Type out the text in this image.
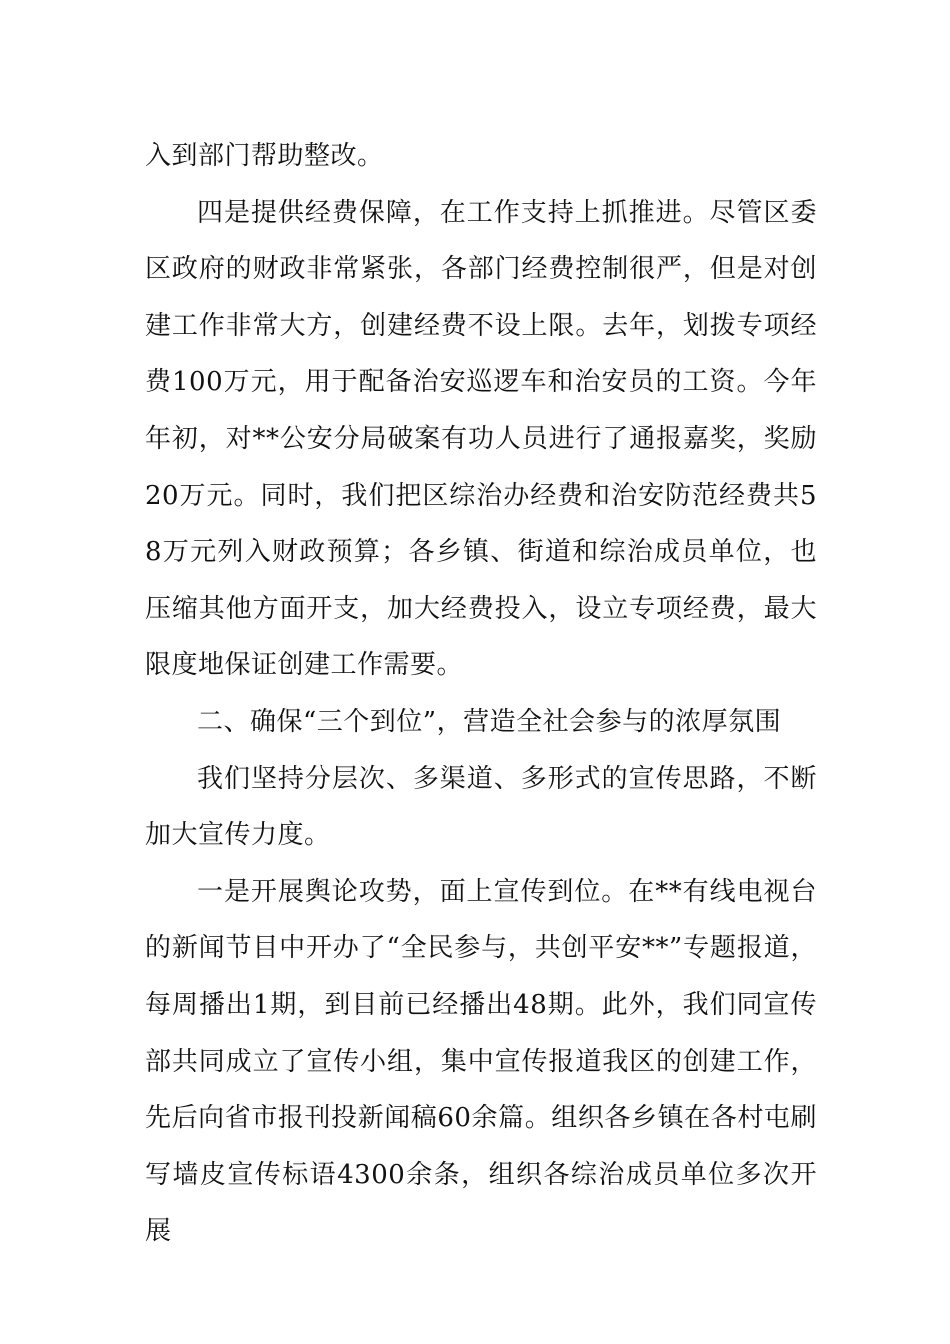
入到部门帮助整改。

四是提供经费保障，在工作支持上抓推进。尽管区委区政府的财政非常紧张，各部门经费控制很严，但是对创建工作非常大方，创建经费不设上限。去年，划拨专项经费100万元，用于配备治安巡逻车和治安员的工资。今年年初，对**公安分局破案有功人员进行了通报嘉奖，奖励20万元。同时，我们把区综治办经费和治安防范经费共58万元列入财政预算；各乡镇、街道和综治成员单位，也压缩其他方面开支，加大经费投入，设立专项经费，最大限度地保证创建工作需要。

二、确保“三个到位”，营造全社会参与的浓厚氛围

我们坚持分层次、多渠道、多形式的宣传思路，不断加大宣传力度。

一是开展舆论攻势，面上宣传到位。在**有线电视台的新闻节目中开办了“全民参与，共创平安**”专题报道，每周播出1期，到目前已经播出48期。此外，我们同宣传部共同成立了宣传小组，集中宣传报道我区的创建工作，先后向省市报刊投新闻稿60余篇。组织各乡镇在各村屯刷写墙皮宣传标语4300余条，组织各综治成员单位多次开展
